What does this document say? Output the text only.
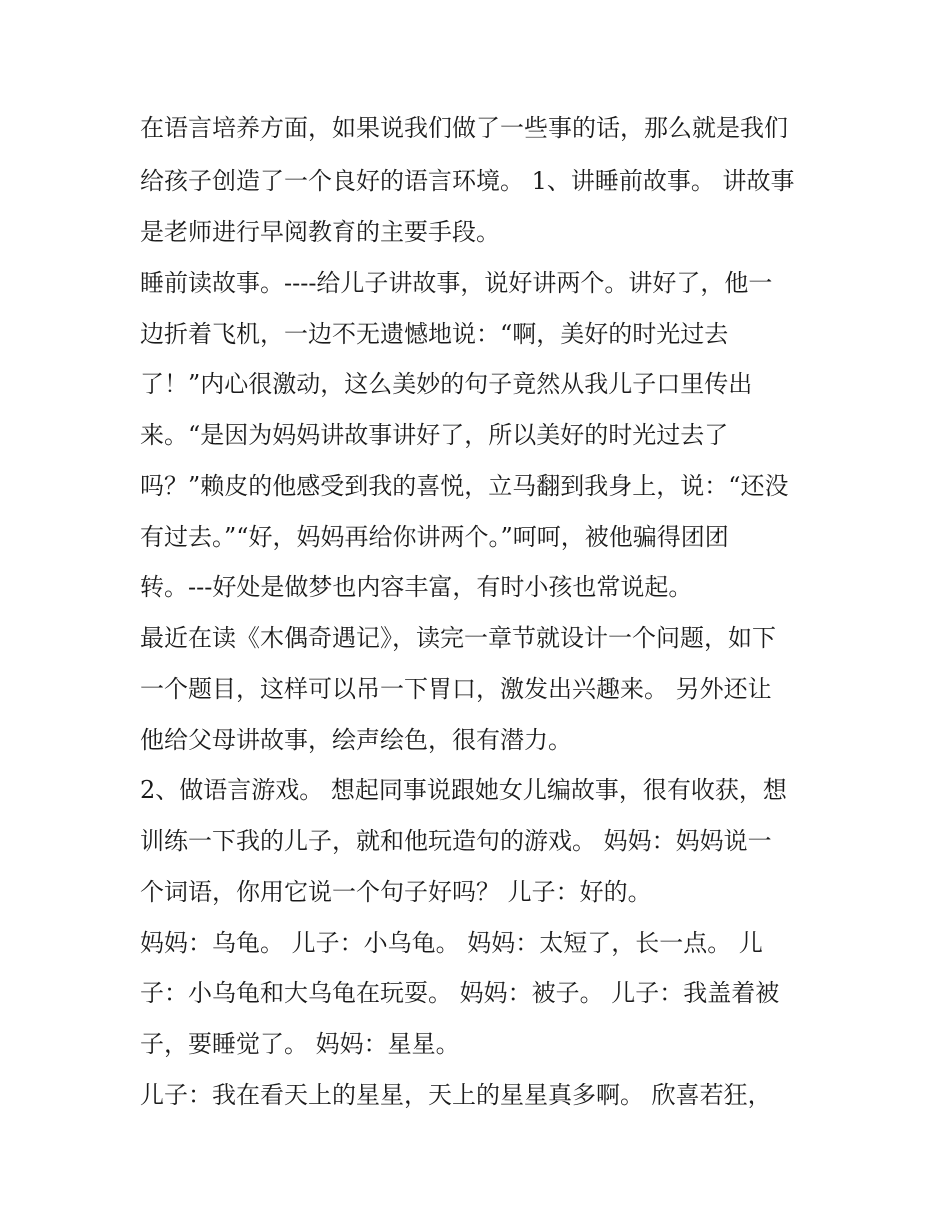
在语言培养方面，如果说我们做了一些事的话，那么就是我们
给孩子创造了一个良好的语言环境。 1、讲睡前故事。 讲故事
是老师进行早阅教育的主要手段。
睡前读故事。----给儿子讲故事，说好讲两个。讲好了，他一
边折着飞机，一边不无遗憾地说：“啊，美好的时光过去
了！”内心很激动，这么美妙的句子竟然从我儿子口里传出
来。“是因为妈妈讲故事讲好了，所以美好的时光过去了
吗？”赖皮的他感受到我的喜悦，立马翻到我身上，说：“还没
有过去。”“好，妈妈再给你讲两个。”呵呵，被他骗得团团
转。---好处是做梦也内容丰富，有时小孩也常说起。
最近在读《木偶奇遇记》，读完一章节就设计一个问题，如下
一个题目，这样可以吊一下胃口，激发出兴趣来。 另外还让
他给父母讲故事，绘声绘色，很有潜力。
2、做语言游戏。 想起同事说跟她女儿编故事，很有收获，想
训练一下我的儿子，就和他玩造句的游戏。 妈妈：妈妈说一
个词语，你用它说一个句子好吗？ 儿子：好的。
妈妈：乌龟。 儿子：小乌龟。 妈妈：太短了，长一点。 儿
子：小乌龟和大乌龟在玩耍。 妈妈：被子。 儿子：我盖着被
子，要睡觉了。 妈妈：星星。
儿子：我在看天上的星星，天上的星星真多啊。 欣喜若狂，
